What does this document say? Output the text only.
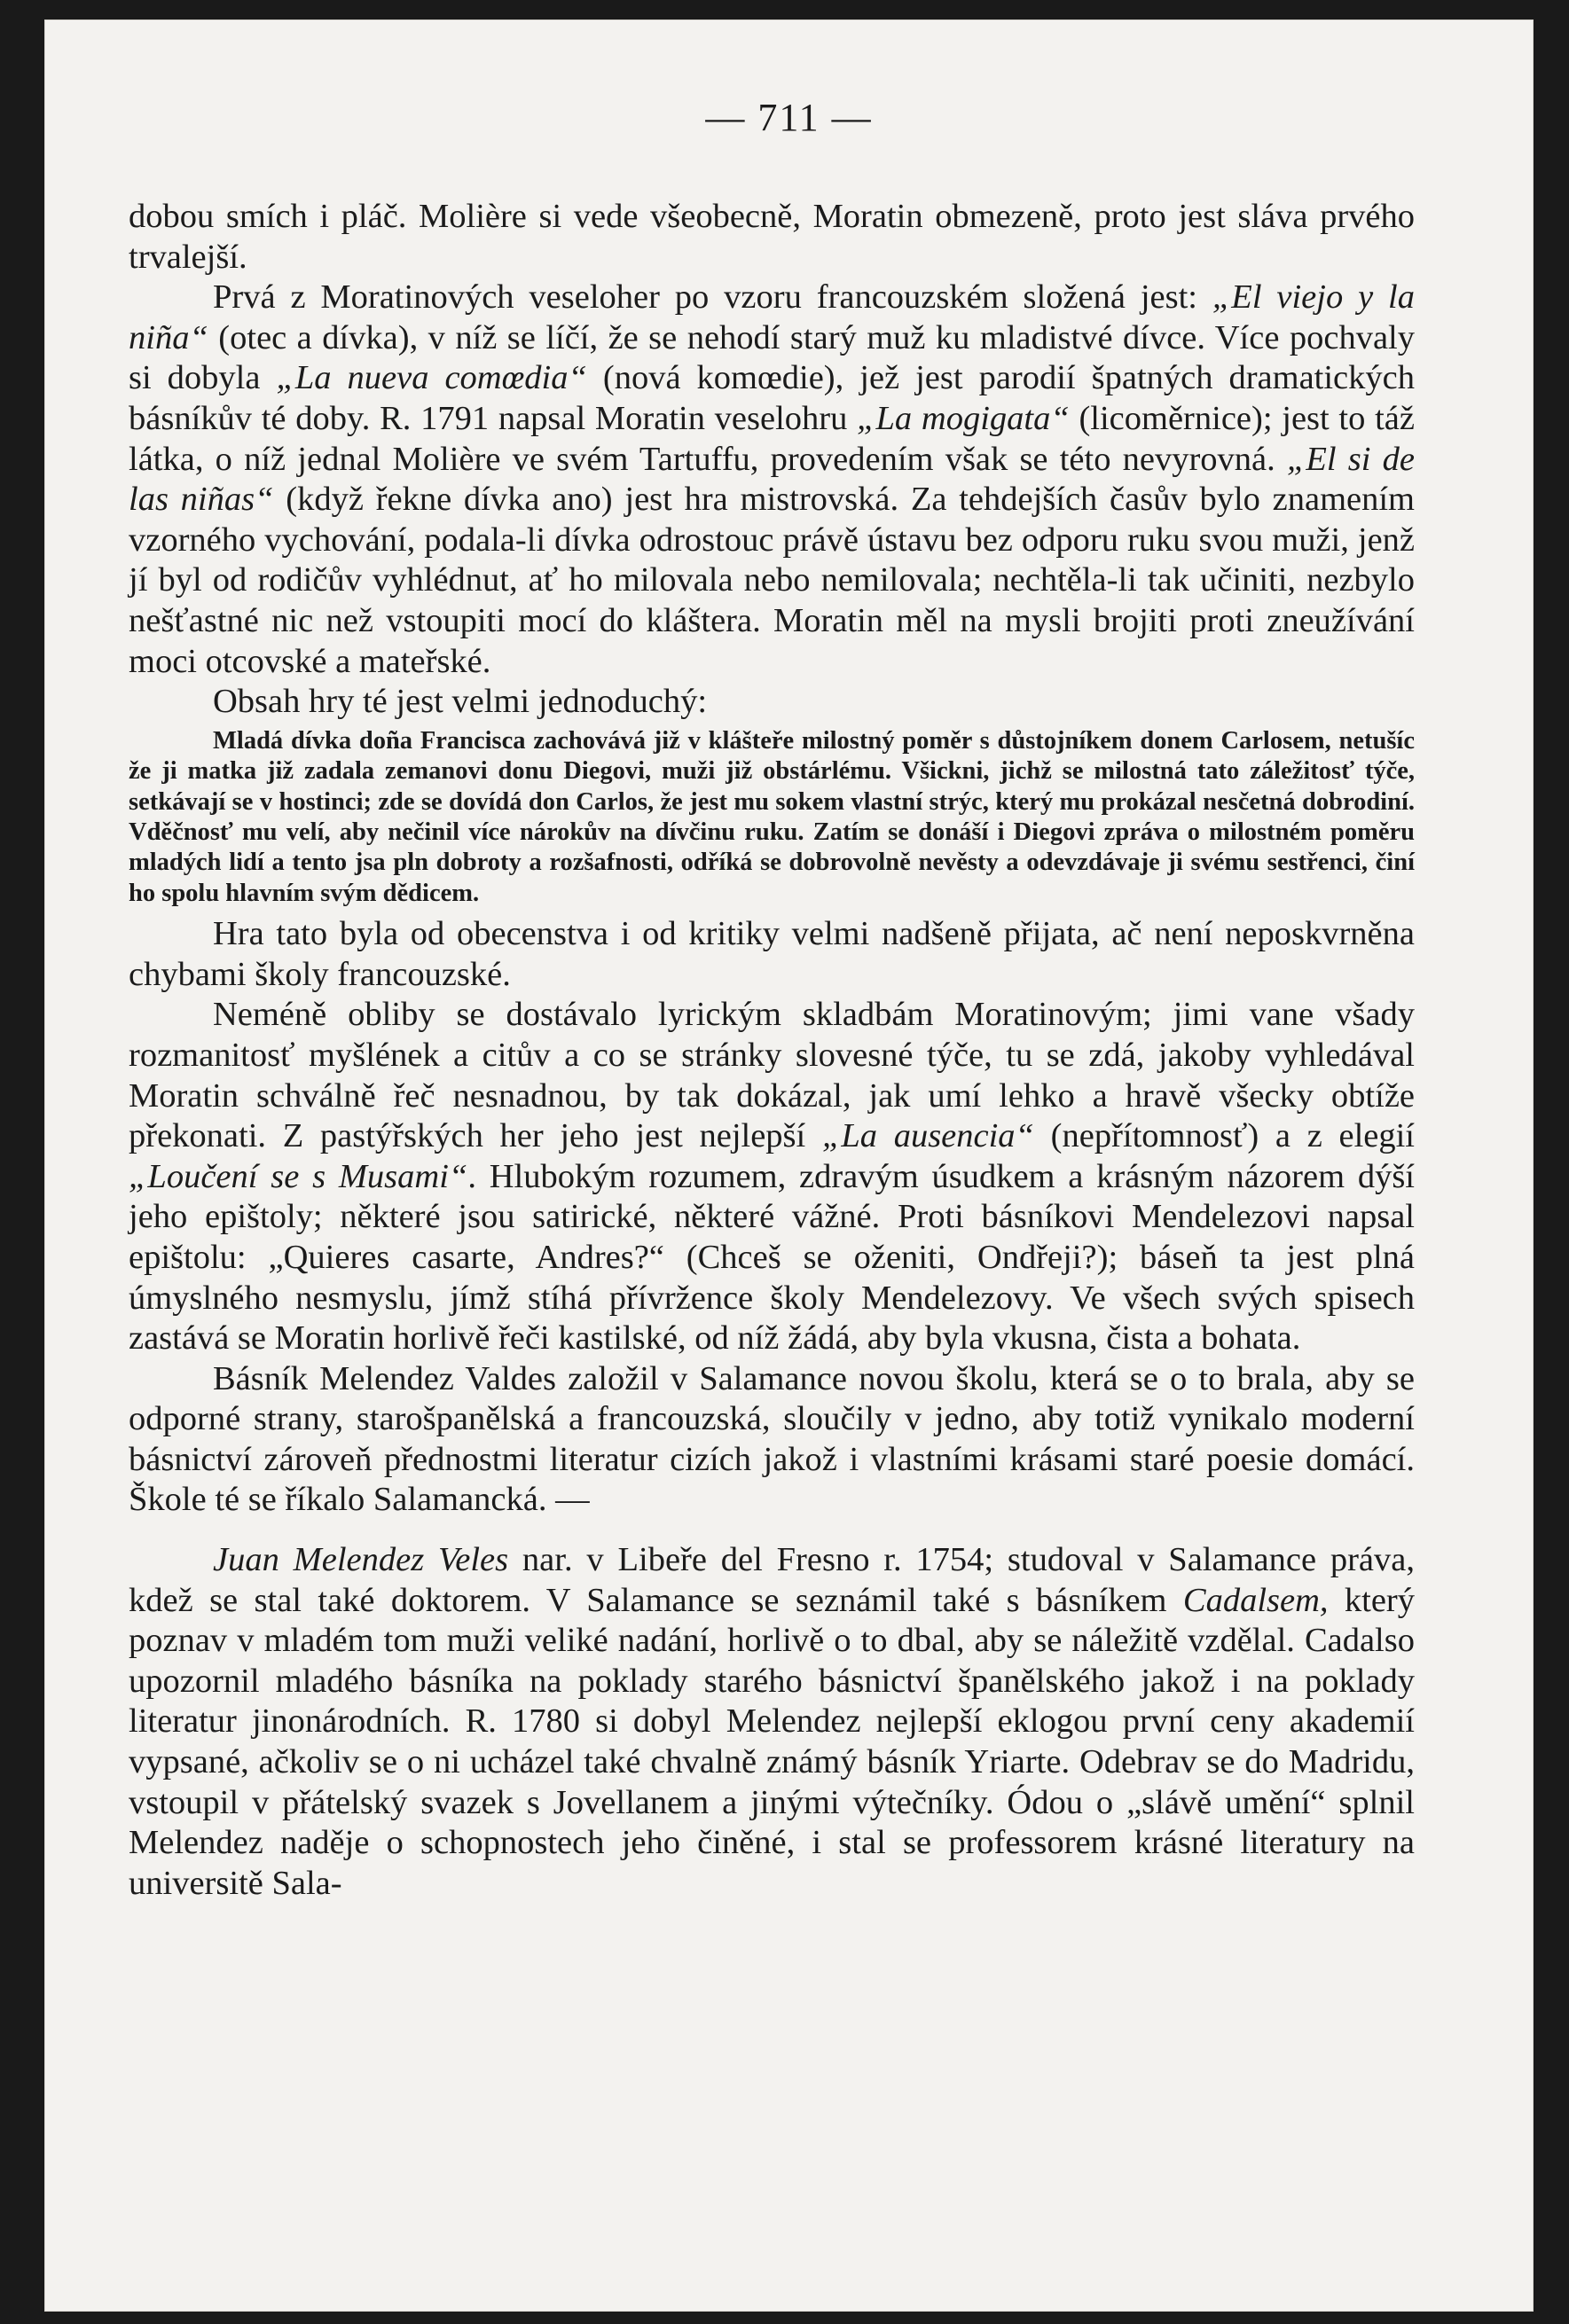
— 711 —

dobou smích i pláč. Molière si vede všeobecně, Moratin obmezeně, proto jest sláva prvého trvalejší.

Prvá z Moratinových veseloher po vzoru francouzském složená jest: „El viejo y la niña“ (otec a dívka), v níž se líčí, že se nehodí starý muž ku mladistvé dívce. Více pochvaly si dobyla „La nueva comœdia“ (nová komœdie), jež jest parodií špatných dramatických básníkův té doby. R. 1791 napsal Moratin veselohru „La mogigata“ (licoměrnice); jest to táž látka, o níž jednal Molière ve svém Tartuffu, provedením však se této nevyrovná. „El si de las niñas“ (když řekne dívka ano) jest hra mistrovská. Za tehdejších časův bylo znamením vzorného vychování, podala-li dívka odrostouc právě ústavu bez odporu ruku svou muži, jenž jí byl od rodičův vyhlédnut, ať ho milovala nebo nemilovala; nechtěla-li tak učiniti, nezbylo nešťastné nic než vstoupiti mocí do kláštera. Moratin měl na mysli brojiti proti zneužívání moci otcovské a mateřské.

Obsah hry té jest velmi jednoduchý:

Mladá dívka doña Francisca zachovává již v klášteře milostný poměr s důstojníkem donem Carlosem, netušíc že ji matka již zadala zemanovi donu Diegovi, muži již obstárlému. Všickni, jichž se milostná tato záležitosť týče, setkávají se v hostinci; zde se dovídá don Carlos, že jest mu sokem vlastní strýc, který mu prokázal nesčetná dobrodiní. Vděčnosť mu velí, aby nečinil více nárokův na dívčinu ruku. Zatím se donáší i Diegovi zpráva o milostném poměru mladých lidí a tento jsa pln dobroty a rozšafnosti, odříká se dobrovolně nevěsty a odevzdávaje ji svému sestřenci, činí ho spolu hlavním svým dědicem.

Hra tato byla od obecenstva i od kritiky velmi nadšeně přijata, ač není neposkvrněna chybami školy francouzské.

Neméně obliby se dostávalo lyrickým skladbám Moratinovým; jimi vane všady rozmanitosť myšlének a citův a co se stránky slovesné týče, tu se zdá, jakoby vyhledával Moratin schválně řeč nesnadnou, by tak dokázal, jak umí lehko a hravě všecky obtíže překonati. Z pastýřských her jeho jest nejlepší „La ausencia“ (nepřítomnosť) a z elegií „Loučení se s Musami“. Hlubokým rozumem, zdravým úsudkem a krásným názorem dýší jeho epištoly; některé jsou satirické, některé vážné. Proti básníkovi Mendelezovi napsal epištolu: „Quieres casarte, Andres?“ (Chceš se oženiti, Ondřeji?); báseň ta jest plná úmyslného nesmyslu, jímž stíhá přívržence školy Mendelezovy. Ve všech svých spisech zastává se Moratin horlivě řeči kastilské, od níž žádá, aby byla vkusna, čista a bohata.

Básník Melendez Valdes založil v Salamance novou školu, která se o to brala, aby se odporné strany, starošpanělská a francouzská, sloučily v jedno, aby totiž vynikalo moderní básnictví zároveň přednostmi literatur cizích jakož i vlastními krásami staré poesie domácí. Škole té se říkalo Salamancká. —

Juan Melendez Veles nar. v Libeře del Fresno r. 1754; studoval v Salamance práva, kdež se stal také doktorem. V Salamance se seznámil také s básníkem Cadalsem, který poznav v mladém tom muži veliké nadání, horlivě o to dbal, aby se náležitě vzdělal. Cadalso upozornil mladého básníka na poklady starého básnictví španělského jakož i na poklady literatur jinonárodních. R. 1780 si dobyl Melendez nejlepší eklogou první ceny akademií vypsané, ačkoliv se o ni ucházel také chvalně známý básník Yriarte. Odebrav se do Madridu, vstoupil v přátelský svazek s Jovellanem a jinými výtečníky. Ódou o „slávě umění“ splnil Melendez naděje o schopnostech jeho činěné, i stal se professorem krásné literatury na universitě Sala-
